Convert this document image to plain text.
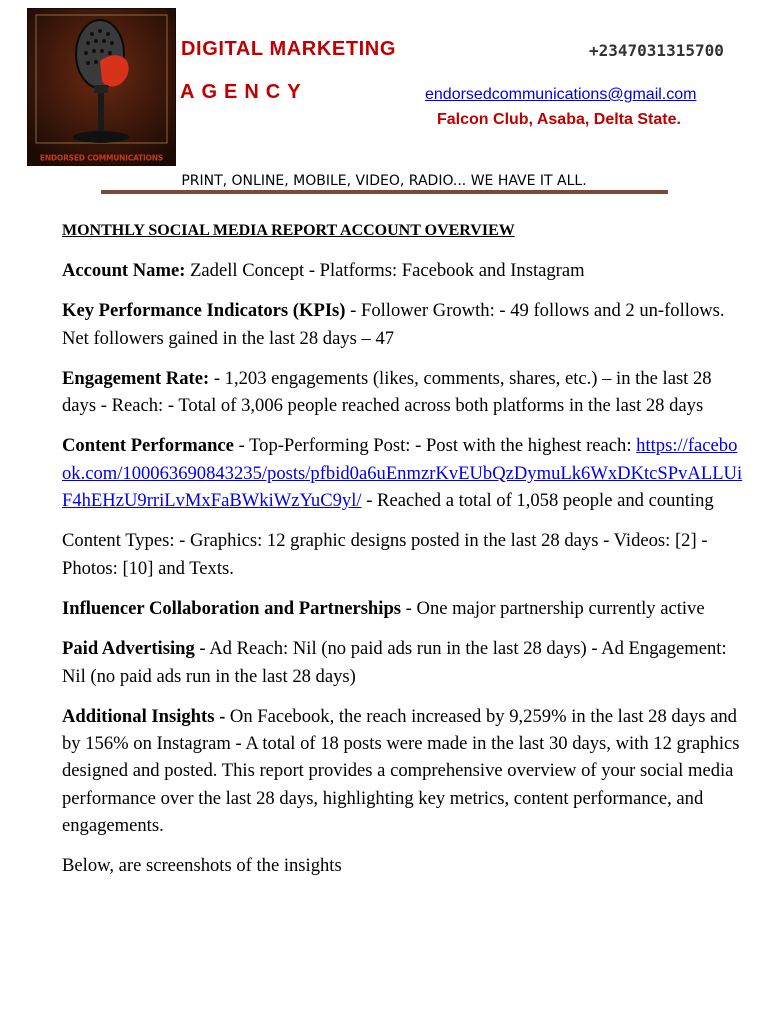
ENDORSED COMMUNICATIONS
DIGITAL MARKETING
AGENCY
+2347031315700
endorsedcommunications@gmail.com
Falcon Club, Asaba, Delta State.
PRINT, ONLINE, MOBILE, VIDEO, RADIO... WE HAVE IT ALL.

MONTHLY SOCIAL MEDIA REPORT ACCOUNT OVERVIEW

Account Name: Zadell Concept - Platforms: Facebook and Instagram

Key Performance Indicators (KPIs) - Follower Growth: - 49 follows and 2 un-follows. Net followers gained in the last 28 days – 47

Engagement Rate: - 1,203 engagements (likes, comments, shares, etc.) – in the last 28 days - Reach: - Total of 3,006 people reached across both platforms in the last 28 days

Content Performance - Top-Performing Post: - Post with the highest reach: https://facebook.com/100063690843235/posts/pfbid0a6uEnmzrKvEUbQzDymuLk6WxDKtcSPvALLUiF4hEHzU9rriLvMxFaBWkiWzYuC9yl/ - Reached a total of 1,058 people and counting

Content Types: - Graphics: 12 graphic designs posted in the last 28 days - Videos: [2] - Photos: [10] and Texts.

Influencer Collaboration and Partnerships - One major partnership currently active

Paid Advertising - Ad Reach: Nil (no paid ads run in the last 28 days) - Ad Engagement: Nil (no paid ads run in the last 28 days)

Additional Insights - On Facebook, the reach increased by 9,259% in the last 28 days and by 156% on Instagram - A total of 18 posts were made in the last 30 days, with 12 graphics designed and posted. This report provides a comprehensive overview of your social media performance over the last 28 days, highlighting key metrics, content performance, and engagements.

Below, are screenshots of the insights
